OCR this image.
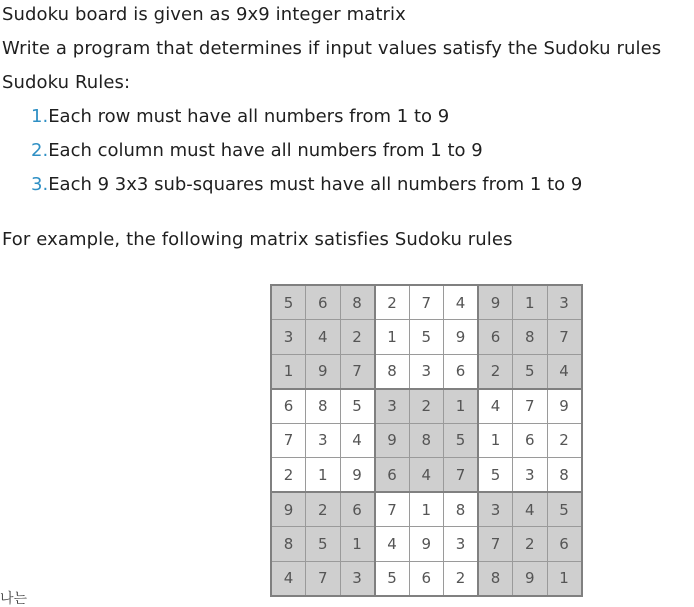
Sudoku board is given as 9x9 integer matrix
Write a program that determines if input values satisfy the Sudoku rules
Sudoku Rules:
1.Each row must have all numbers from 1 to 9
2.Each column must have all numbers from 1 to 9
3.Each 9 3x3 sub-squares must have all numbers from 1 to 9
For example, the following matrix satisfies Sudoku rules
5	6	8	2	7	4	9	1	3
3	4	2	1	5	9	6	8	7
1	9	7	8	3	6	2	5	4
6	8	5	3	2	1	4	7	9
7	3	4	9	8	5	1	6	2
2	1	9	6	4	7	5	3	8
9	2	6	7	1	8	3	4	5
8	5	1	4	9	3	7	2	6
4	7	3	5	6	2	8	9	1
나는
